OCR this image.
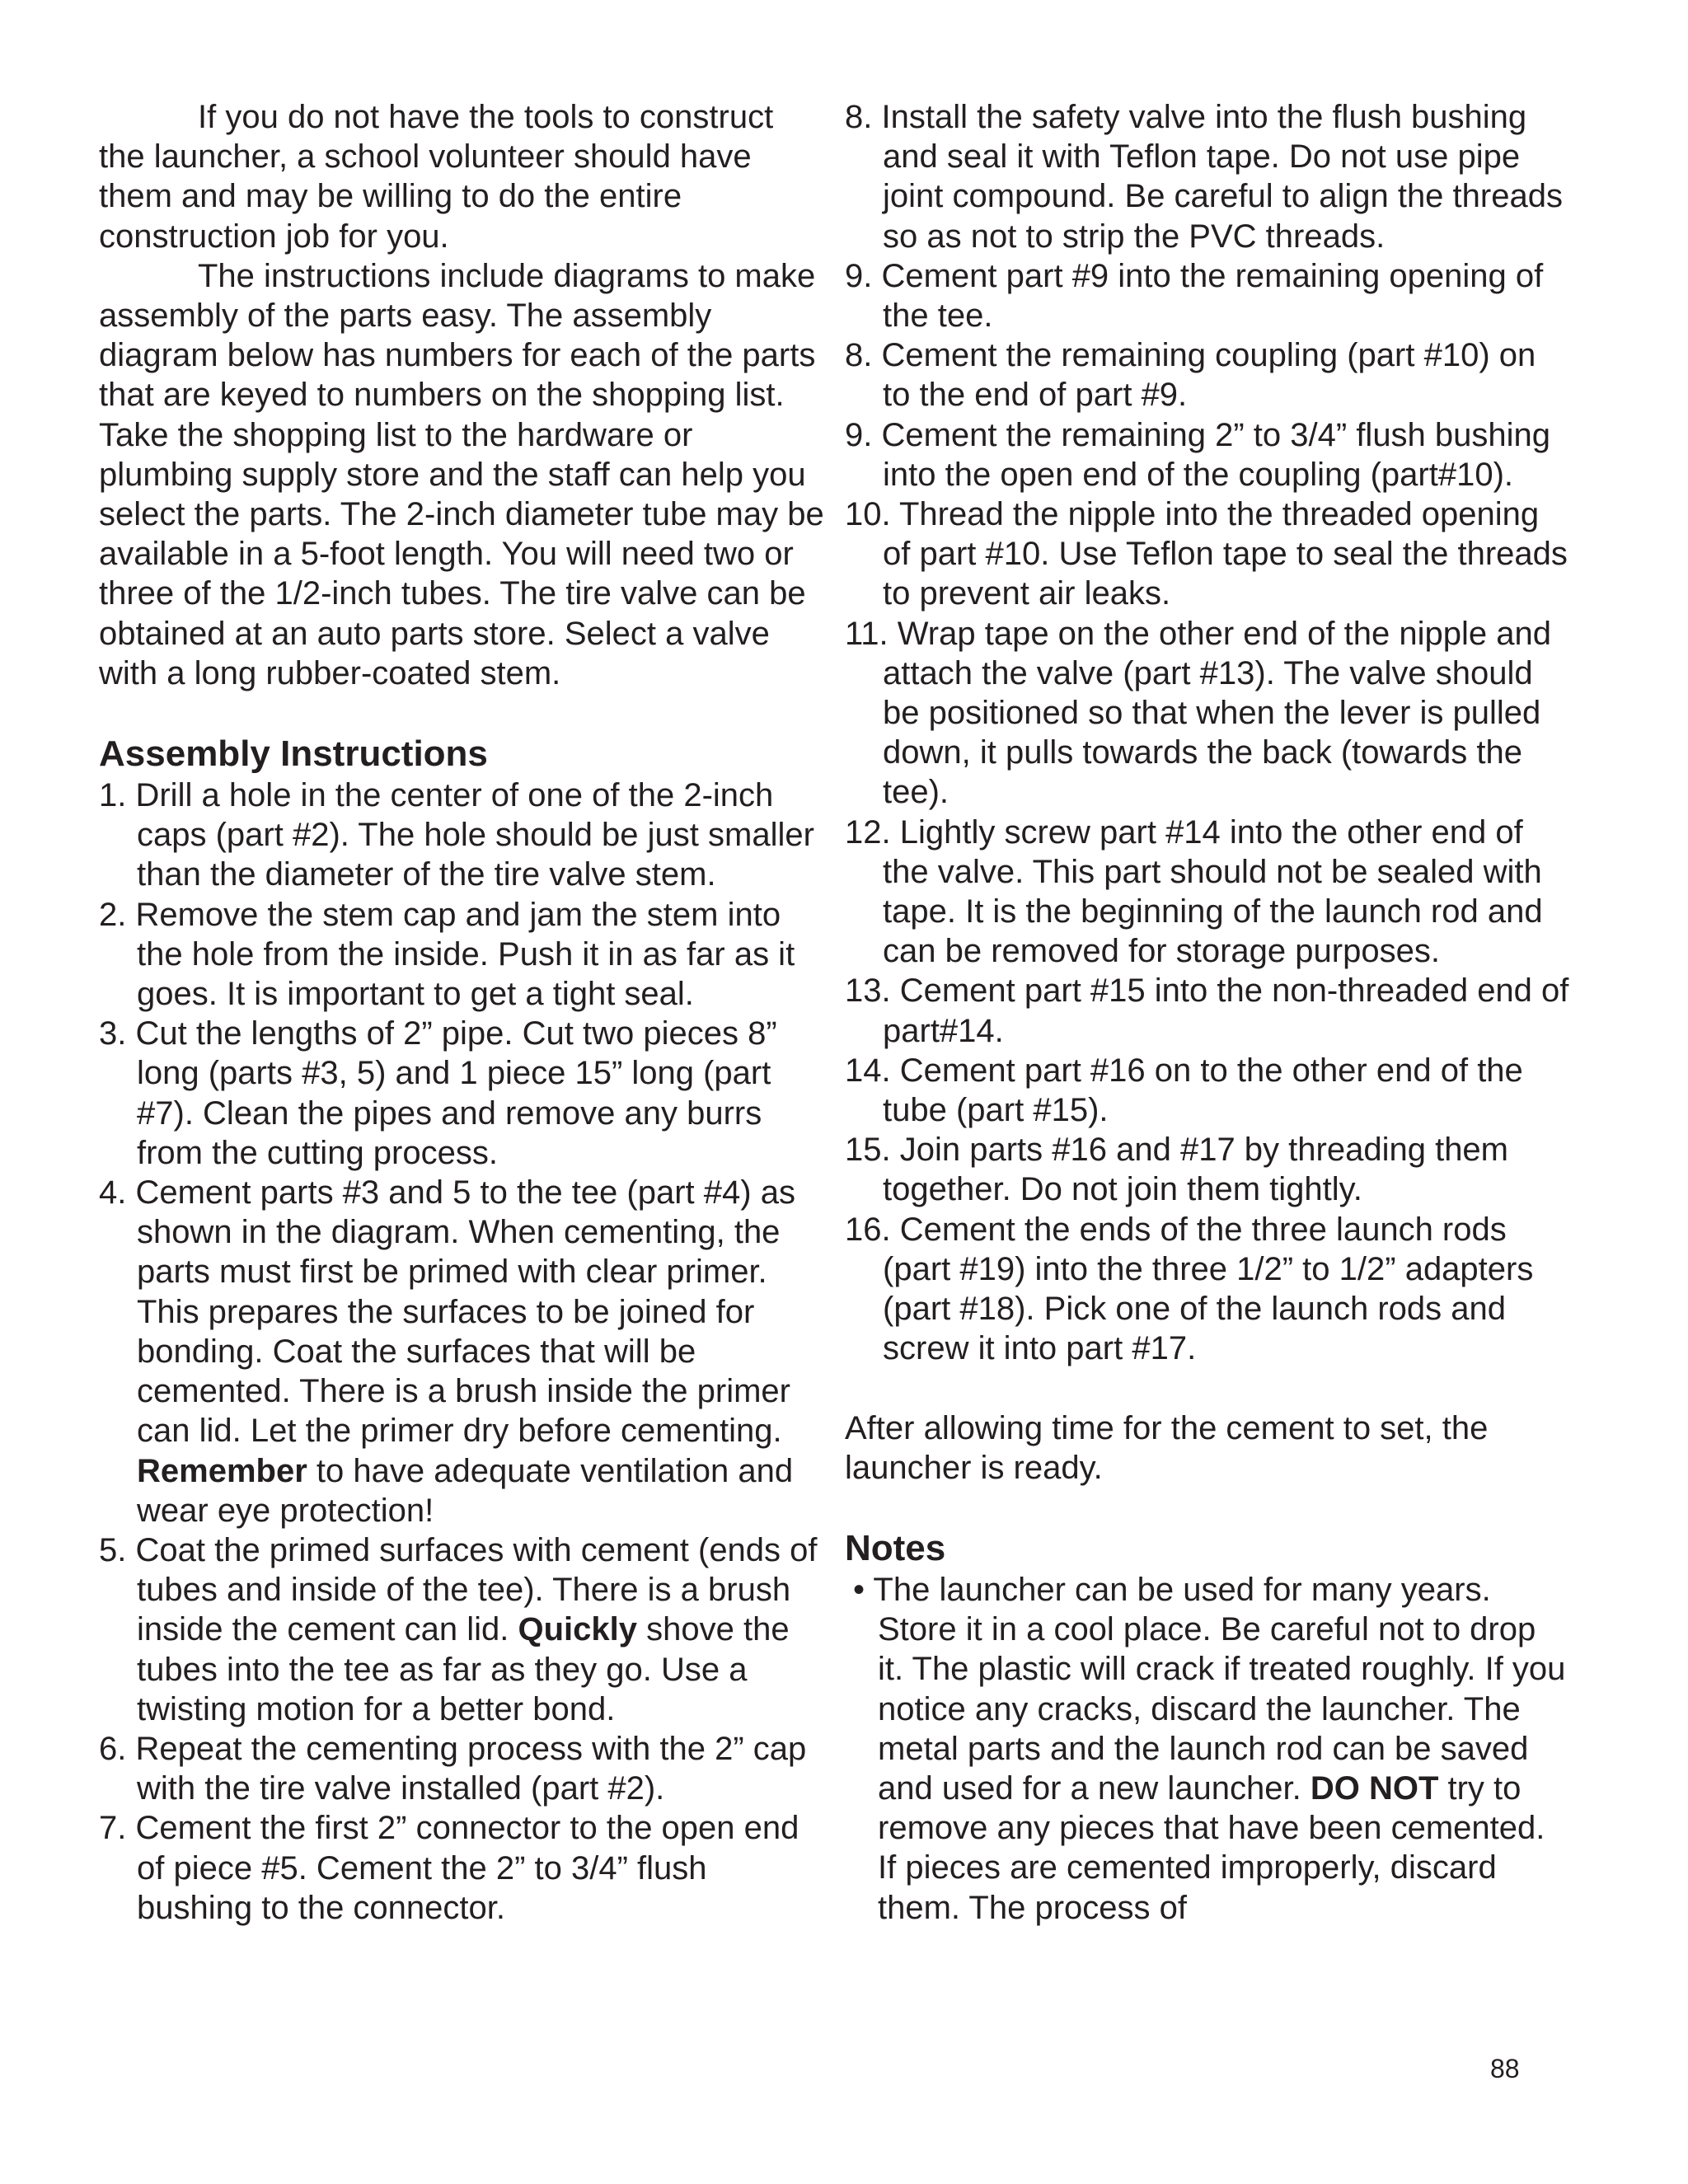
If you do not have the tools to construct the launcher, a school volunteer should have them and may be willing to do the entire construction job for you.

The instructions include diagrams to make assembly of the parts easy. The assembly diagram below has numbers for each of the parts that are keyed to numbers on the shopping list. Take the shopping list to the hardware or plumbing supply store and the staff can help you select the parts. The 2-inch diameter tube may be available in a 5-foot length. You will need two or three of the 1/2-inch tubes. The tire valve can be obtained at an auto parts store. Select a valve with a long rubber-coated stem.

Assembly Instructions
1. Drill a hole in the center of one of the 2-inch caps (part #2). The hole should be just smaller than the diameter of the tire valve stem.
2. Remove the stem cap and jam the stem into the hole from the inside. Push it in as far as it goes. It is important to get a tight seal.
3. Cut the lengths of 2” pipe. Cut two pieces 8” long (parts #3, 5) and 1 piece 15” long (part #7). Clean the pipes and remove any burrs from the cutting process.
4. Cement parts #3 and 5 to the tee (part #4) as shown in the diagram. When cementing, the parts must first be primed with clear primer. This prepares the surfaces to be joined for bonding. Coat the surfaces that will be cemented. There is a brush inside the primer can lid. Let the primer dry before cementing. Remember to have adequate ventilation and wear eye protection!
5. Coat the primed surfaces with cement (ends of tubes and inside of the tee). There is a brush inside the cement can lid. Quickly shove the tubes into the tee as far as they go. Use a twisting motion for a better bond.
6. Repeat the cementing process with the 2” cap with the tire valve installed (part #2).
7. Cement the first 2” connector to the open end of piece #5. Cement the 2” to 3/4” flush bushing to the connector.
8. Install the safety valve into the flush bushing and seal it with Teflon tape. Do not use pipe joint compound. Be careful to align the threads so as not to strip the PVC threads.
9. Cement part #9 into the remaining opening of the tee.
8. Cement the remaining coupling (part #10) on to the end of part #9.
9. Cement the remaining 2” to 3/4” flush bushing into the open end of the coupling (part#10).
10. Thread the nipple into the threaded opening of part #10. Use Teflon tape to seal the threads to prevent air leaks.
11. Wrap tape on the other end of the nipple and attach the valve (part #13). The valve should be positioned so that when the lever is pulled down, it pulls towards the back (towards the tee).
12. Lightly screw part #14 into the other end of the valve. This part should not be sealed with tape. It is the beginning of the launch rod and can be removed for storage purposes.
13. Cement part #15 into the non-threaded end of part#14.
14. Cement part #16 on to the other end of the tube (part #15).
15. Join parts #16 and #17 by threading them together. Do not join them tightly.
16. Cement the ends of the three launch rods (part #19) into the three 1/2” to 1/2” adapters (part #18). Pick one of the launch rods and screw it into part #17.

After allowing time for the cement to set, the launcher is ready.

Notes

• The launcher can be used for many years. Store it in a cool place. Be careful not to drop it. The plastic will crack if treated roughly. If you notice any cracks, discard the launcher. The metal parts and the launch rod can be saved and used for a new launcher. DO NOT try to remove any pieces that have been cemented. If pieces are cemented improperly, discard them. The process of

88
